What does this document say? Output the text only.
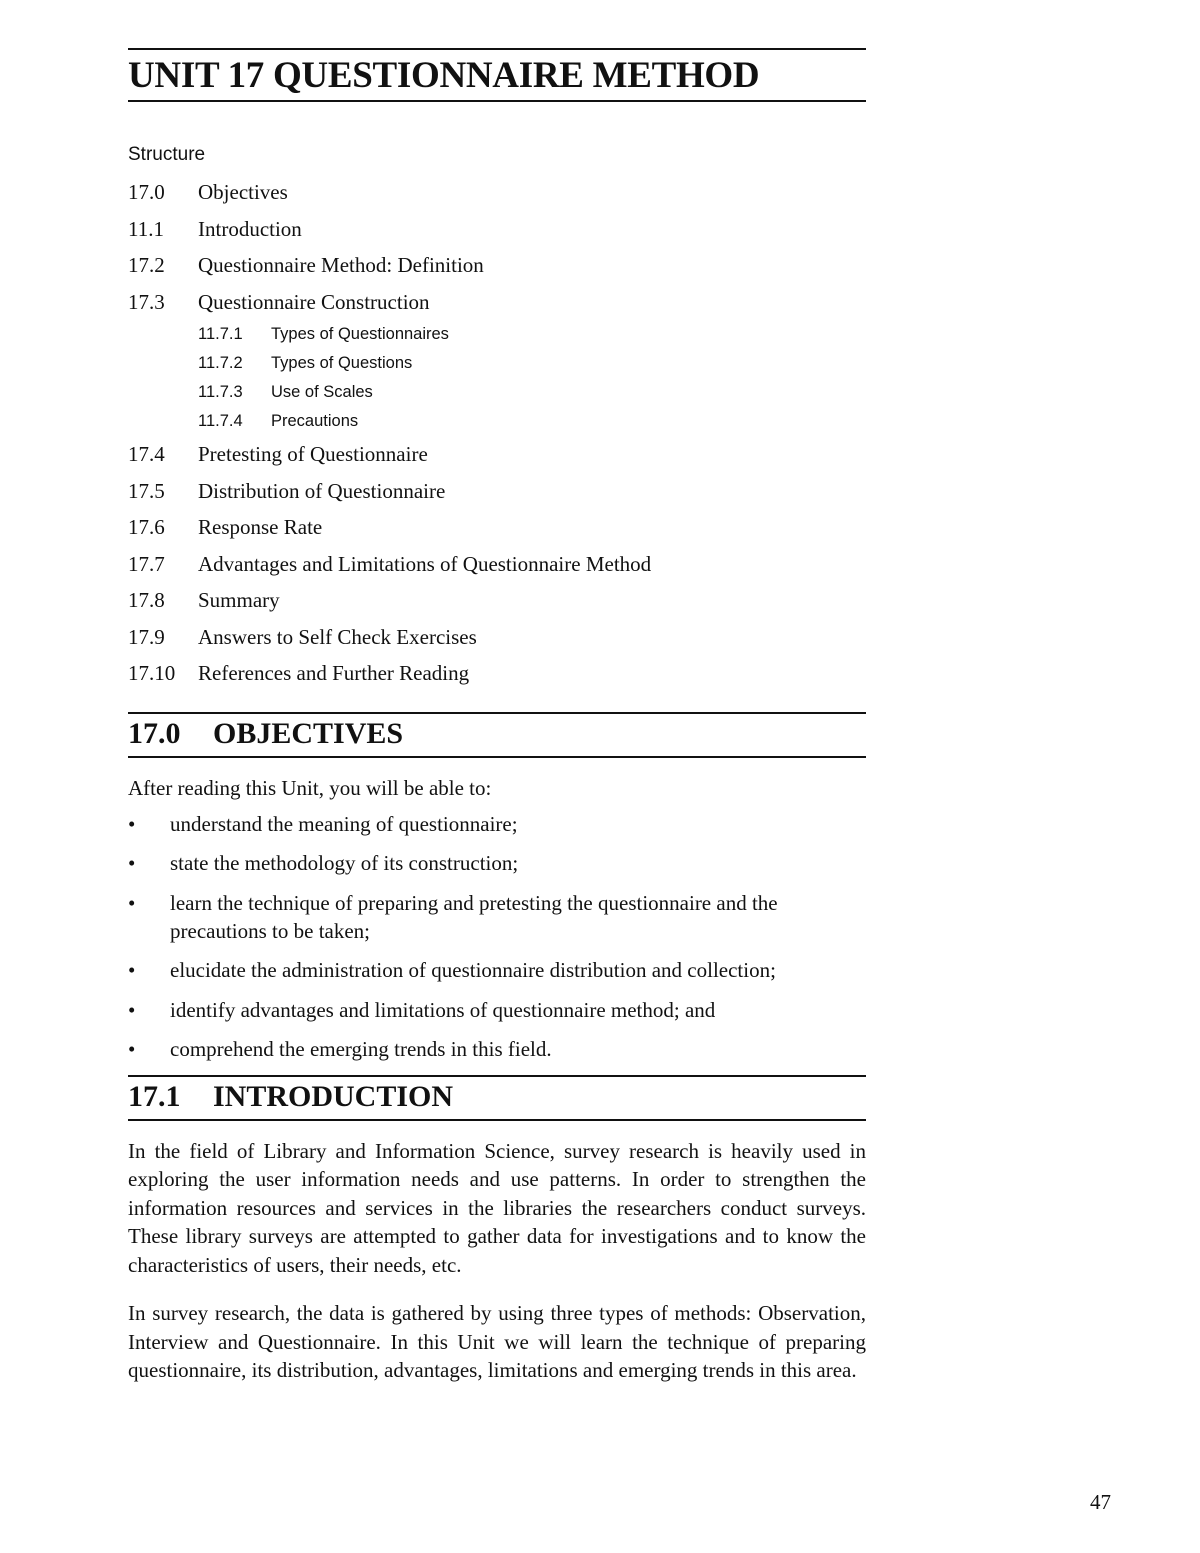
UNIT 17 QUESTIONNAIRE METHOD
Structure
17.0	Objectives
11.1	Introduction
17.2	Questionnaire Method: Definition
17.3	Questionnaire Construction
11.7.1	Types of Questionnaires
11.7.2	Types of Questions
11.7.3	Use of Scales
11.7.4	Precautions
17.4	Pretesting of Questionnaire
17.5	Distribution of Questionnaire
17.6	Response Rate
17.7	Advantages and Limitations of Questionnaire Method
17.8	Summary
17.9	Answers to Self Check Exercises
17.10	References and Further Reading
17.0	OBJECTIVES
After reading this Unit, you will be able to:
• understand the meaning of questionnaire;
• state the methodology of its construction;
• learn the technique of preparing and pretesting the questionnaire and the precautions to be taken;
• elucidate the administration of questionnaire distribution and collection;
• identify advantages and limitations of questionnaire method; and
• comprehend the emerging trends in this field.
17.1	INTRODUCTION

In the field of Library and Information Science, survey research is heavily used in exploring the user information needs and use patterns. In order to strengthen the information resources and services in the libraries the researchers conduct surveys. These library surveys are attempted to gather data for investigations and to know the characteristics of users, their needs, etc.

In survey research, the data is gathered by using three types of methods: Observation, Interview and Questionnaire. In this Unit we will learn the technique of preparing questionnaire, its distribution, advantages, limitations and emerging trends in this area.

47
